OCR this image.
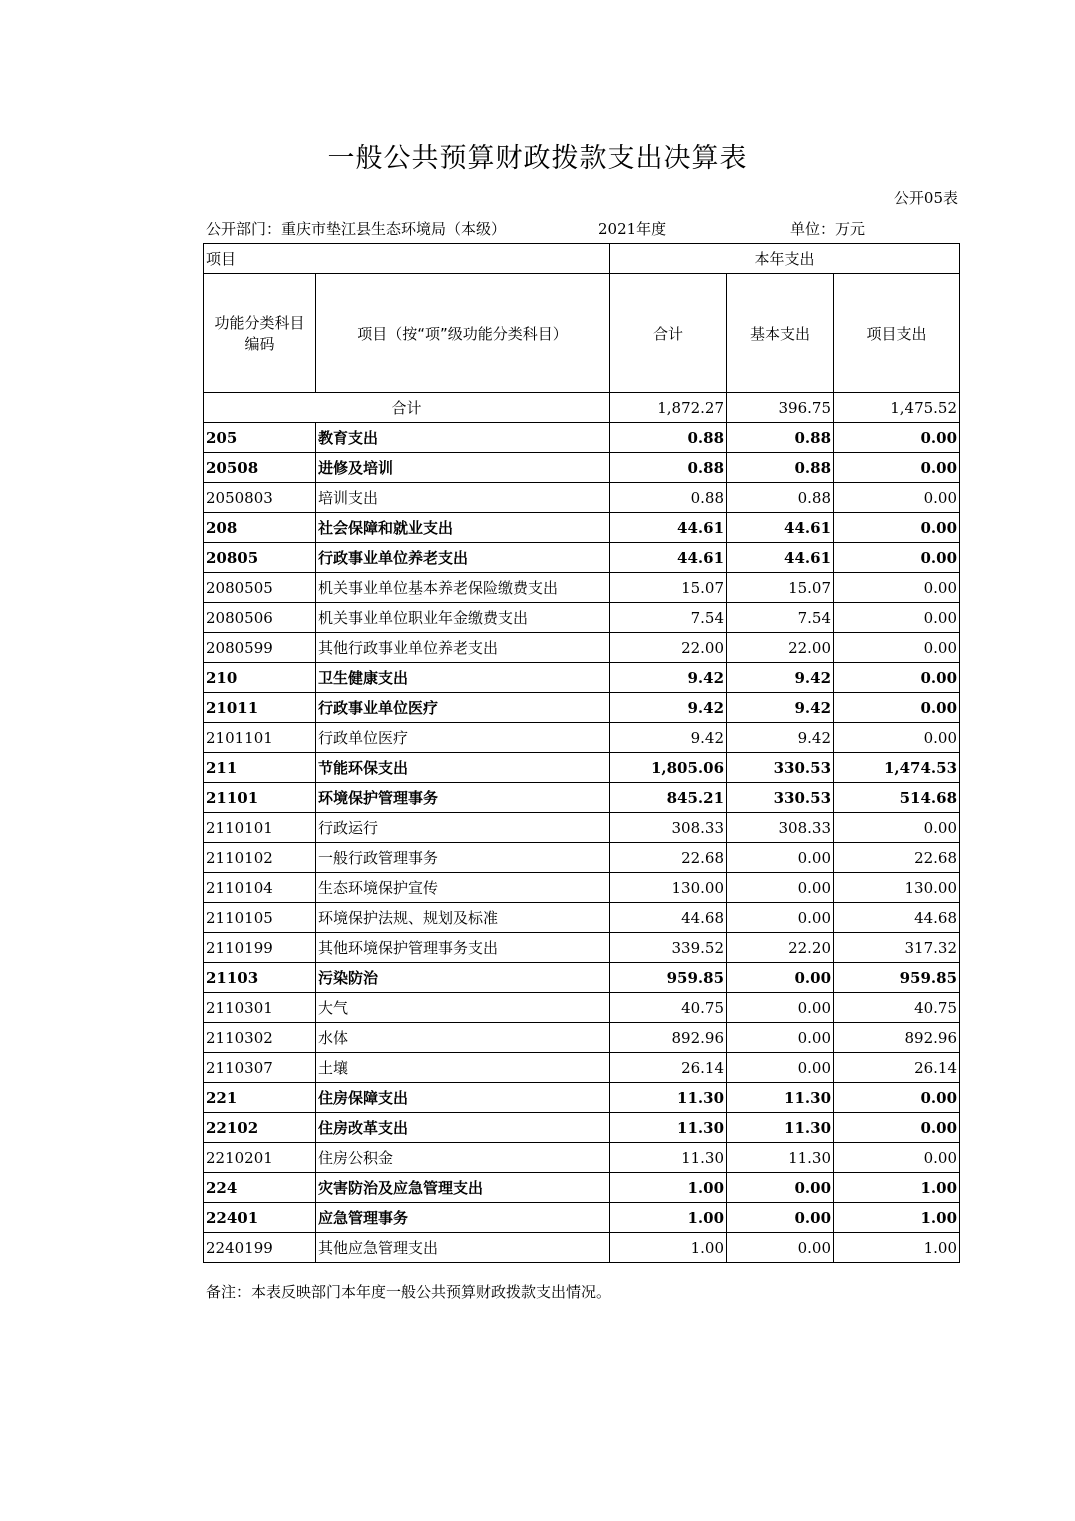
一般公共预算财政拨款支出决算表
公开05表
公开部门：重庆市垫江县生态环境局（本级）	2021年度	单位：万元
项目		本年支出		
功能分类科目编码	项目（按“项”级功能分类科目）	合计	基本支出	项目支出
合计		1,872.27	396.75	1,475.52
205	教育支出	0.88	0.88	0.00
20508	进修及培训	0.88	0.88	0.00
2050803	培训支出	0.88	0.88	0.00
208	社会保障和就业支出	44.61	44.61	0.00
20805	行政事业单位养老支出	44.61	44.61	0.00
2080505	机关事业单位基本养老保险缴费支出	15.07	15.07	0.00
2080506	机关事业单位职业年金缴费支出	7.54	7.54	0.00
2080599	其他行政事业单位养老支出	22.00	22.00	0.00
210	卫生健康支出	9.42	9.42	0.00
21011	行政事业单位医疗	9.42	9.42	0.00
2101101	行政单位医疗	9.42	9.42	0.00
211	节能环保支出	1,805.06	330.53	1,474.53
21101	环境保护管理事务	845.21	330.53	514.68
2110101	行政运行	308.33	308.33	0.00
2110102	一般行政管理事务	22.68	0.00	22.68
2110104	生态环境保护宣传	130.00	0.00	130.00
2110105	环境保护法规、规划及标准	44.68	0.00	44.68
2110199	其他环境保护管理事务支出	339.52	22.20	317.32
21103	污染防治	959.85	0.00	959.85
2110301	大气	40.75	0.00	40.75
2110302	水体	892.96	0.00	892.96
2110307	土壤	26.14	0.00	26.14
221	住房保障支出	11.30	11.30	0.00
22102	住房改革支出	11.30	11.30	0.00
2210201	住房公积金	11.30	11.30	0.00
224	灾害防治及应急管理支出	1.00	0.00	1.00
22401	应急管理事务	1.00	0.00	1.00
2240199	其他应急管理支出	1.00	0.00	1.00
备注：本表反映部门本年度一般公共预算财政拨款支出情况。
